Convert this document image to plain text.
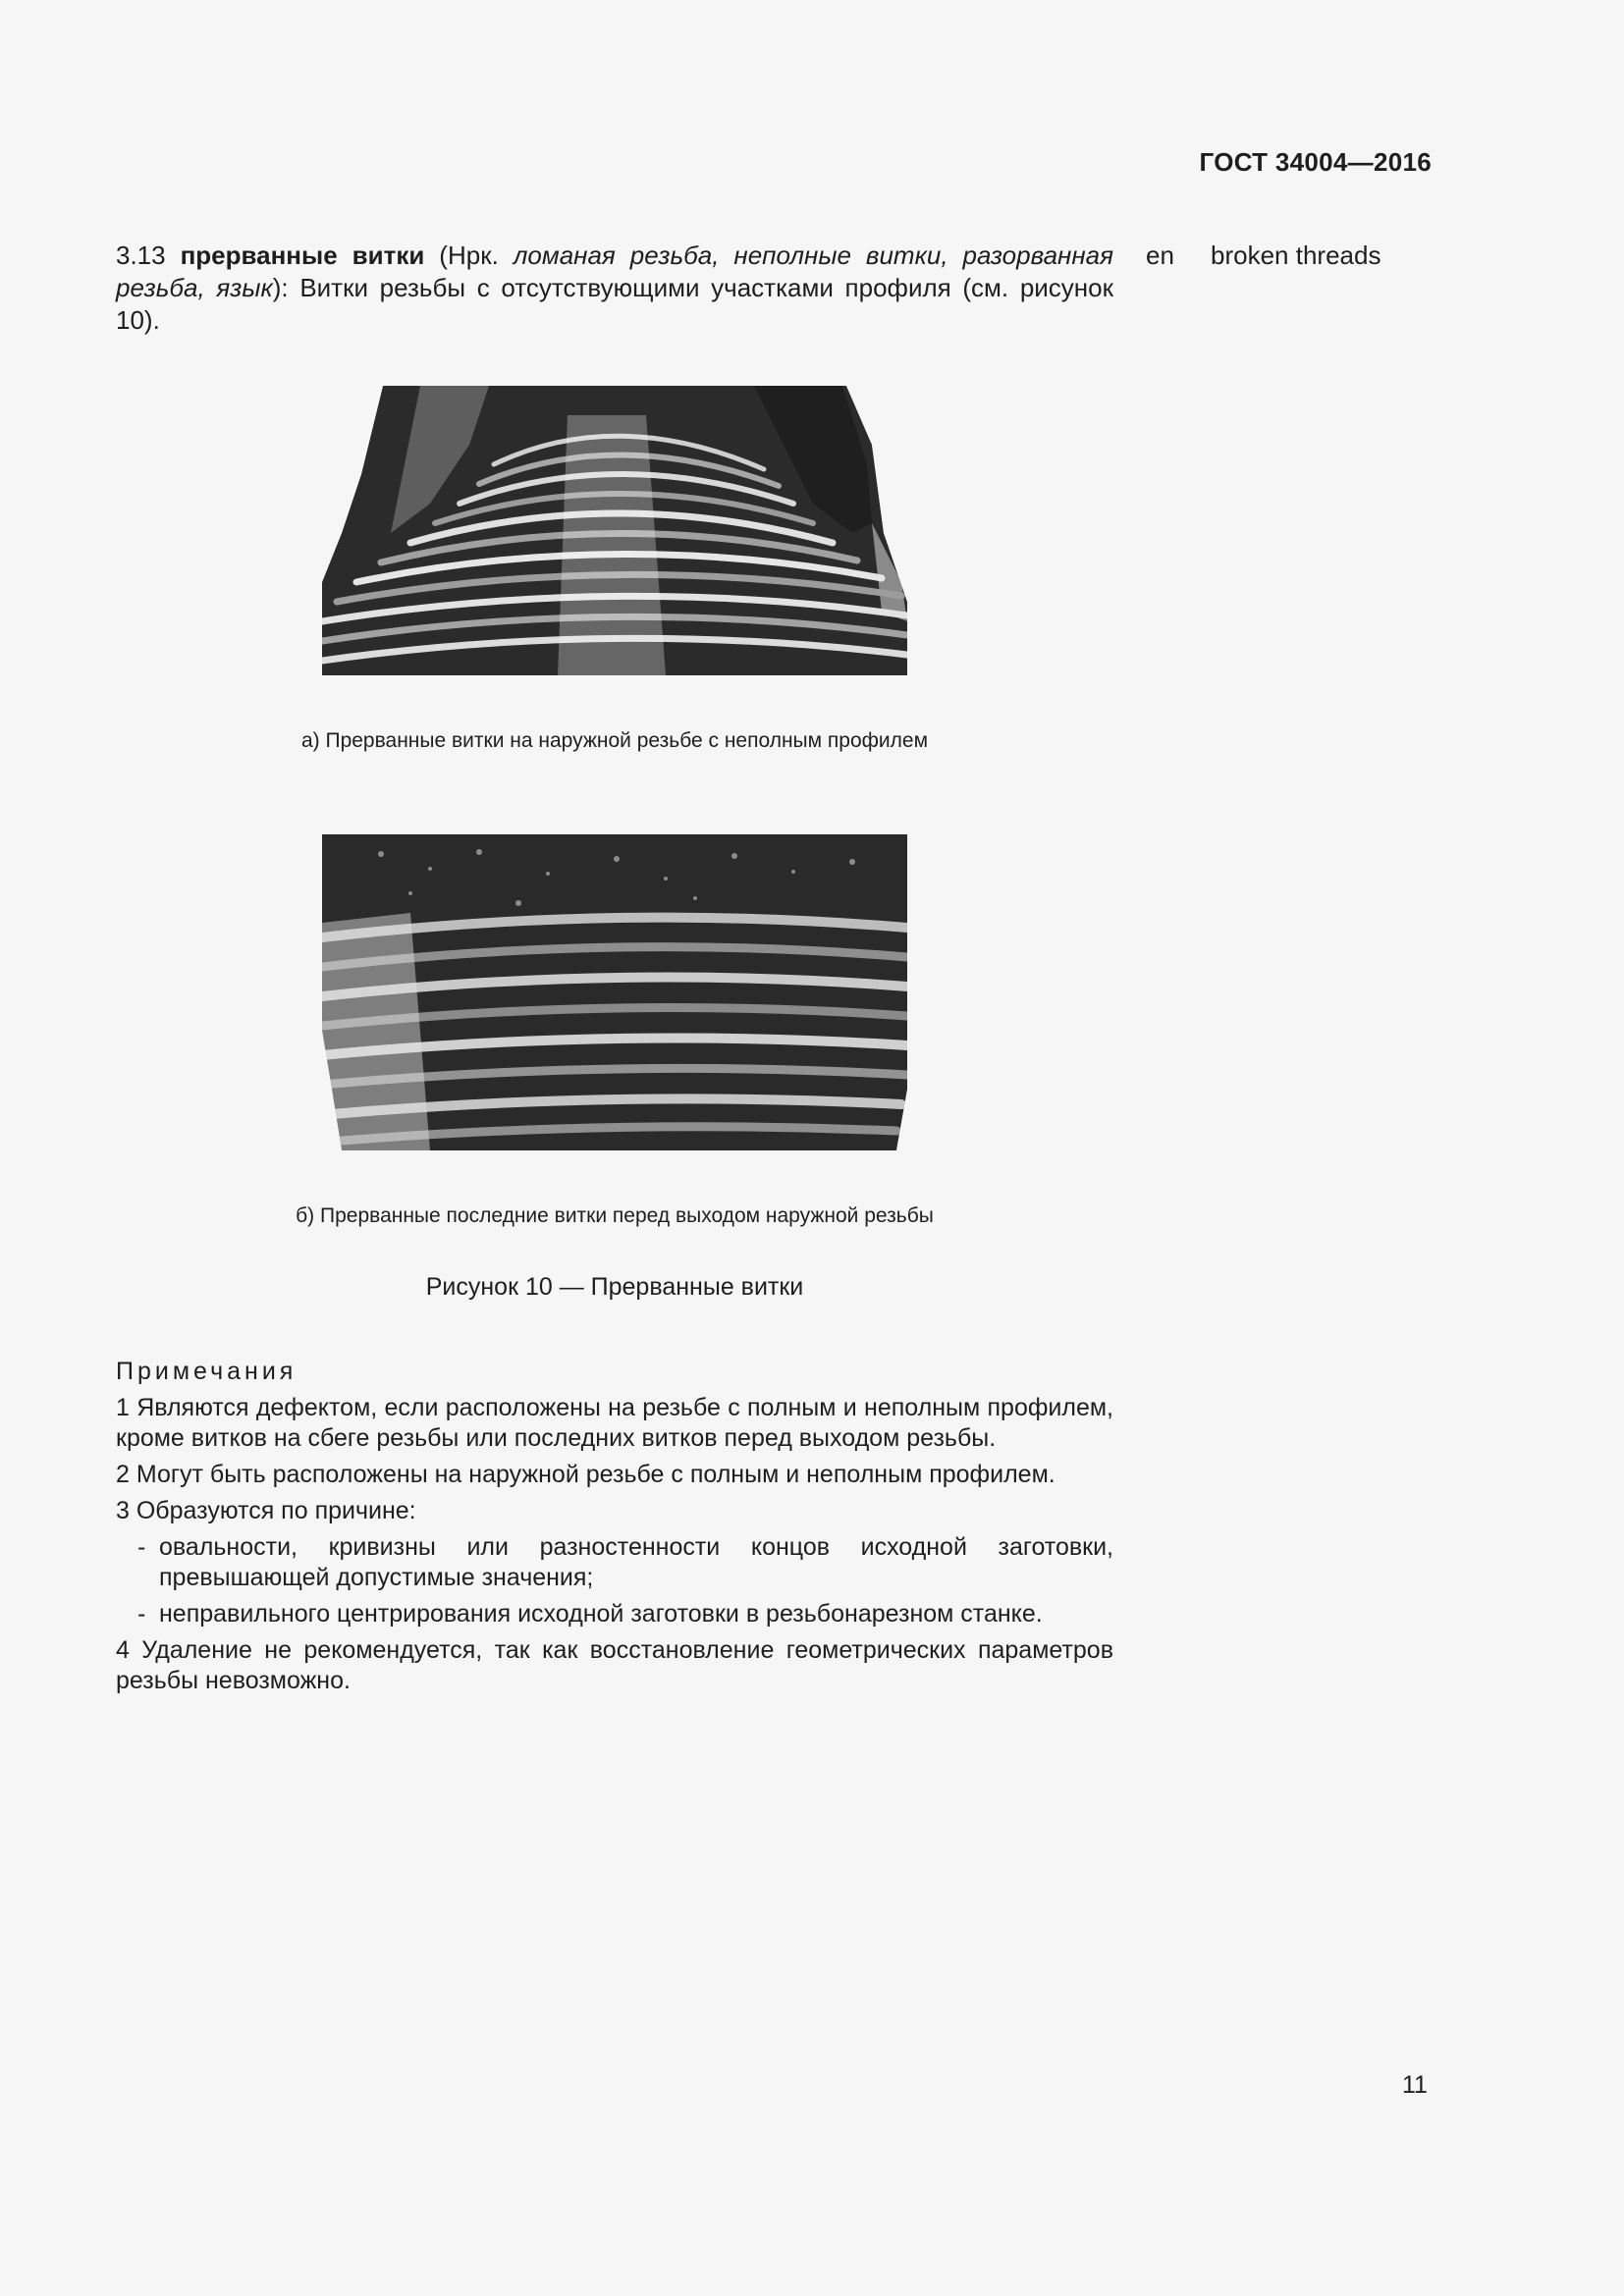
ГОСТ 34004—2016
3.13 прерванные витки (Нрк. ломаная резьба, неполные витки, разорванная резьба, язык): Витки резьбы с отсутствующими участками профиля (см. рисунок 10).
en broken threads
а) Прерванные витки на наружной резьбе с неполным профилем
б) Прерванные последние витки перед выходом наружной резьбы
Рисунок 10 — Прерванные витки
Примечания
1 Являются дефектом, если расположены на резьбе с полным и неполным профилем, кроме витков на сбеге резьбы или последних витков перед выходом резьбы.
2 Могут быть расположены на наружной резьбе с полным и неполным профилем.
3 Образуются по причине:
- овальности, кривизны или разностенности концов исходной заготовки, превышающей допустимые значения;
- неправильного центрирования исходной заготовки в резьбонарезном станке.
4 Удаление не рекомендуется, так как восстановление геометрических параметров резьбы невозможно.
11
